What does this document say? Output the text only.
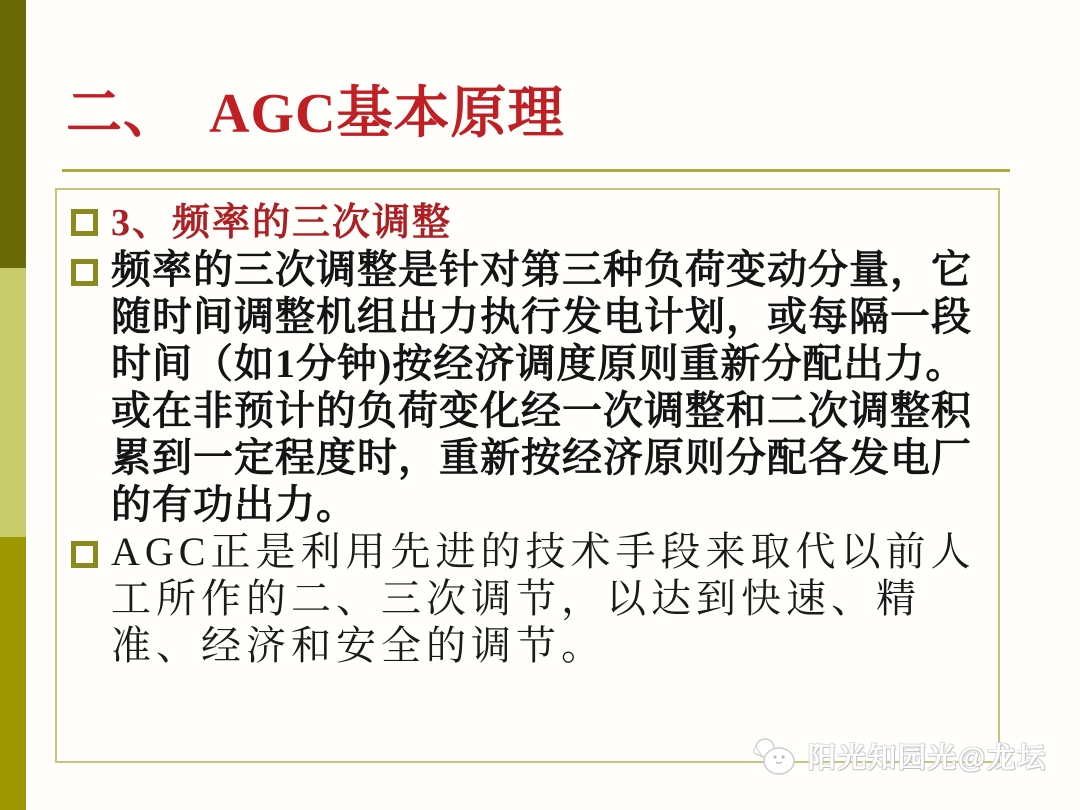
二、　AGC基本原理
3、频率的三次调整
频率的三次调整是针对第三种负荷变动分量，它随时间调整机组出力执行发电计划，或每隔一段时间（如1分钟)按经济调度原则重新分配出力。或在非预计的负荷变化经一次调整和二次调整积累到一定程度时，重新按经济原则分配各发电厂的有功出力。
AGC正是利用先进的技术手段来取代以前人工所作的二、三次调节，以达到快速、精准、经济和安全的调节。
阳光知园光@龙坛
